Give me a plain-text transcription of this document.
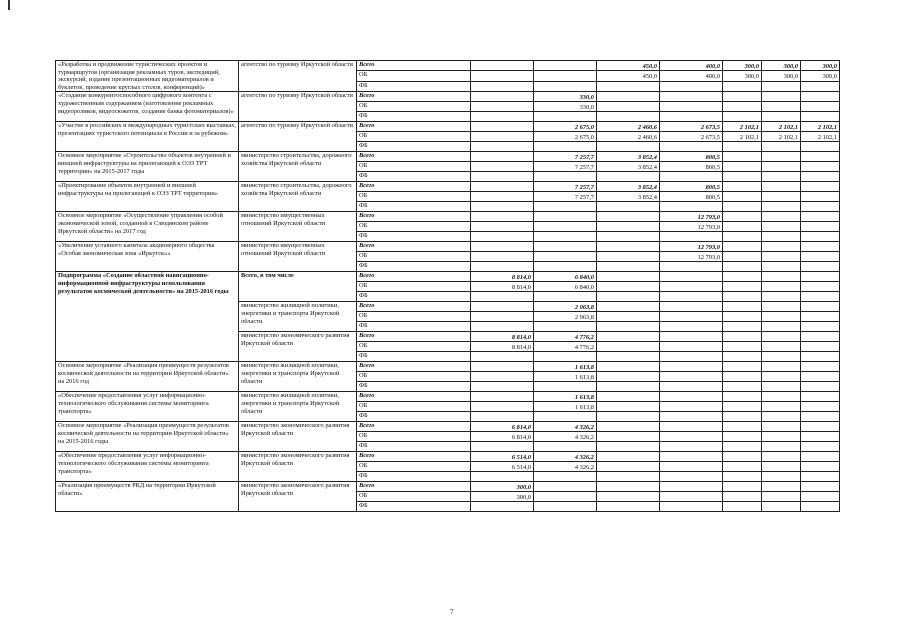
«Разработка и продвижение туристических проектов и турмаршрутов (организация рекламных туров, экспедиций, экскурсий, издание презентационных видеоматериалов и буклетов, проведение круглых столов, конференций)»	агентство по туризму Иркутской области	Всего			450,0	400,0	300,0	300,0	300,0
		ОБ			450,0	400,0	300,0	300,0	300,0
		ФБ							
«Создание конкурентоспособного цифрового контента с художественным содержанием (изготовление рекламных видеороликов, видеосюжетов, создание банка фотоматериалов)»	агентство по туризму Иркутской области	Всего		330,0					
		ОБ		330,0					
		ФБ							
«Участие в российских и международных туристских выставках, презентациях туристского потенциала в России и за рубежом»	агентство по туризму Иркутской области	Всего		2 675,0	2 460,6	2 673,5	2 102,1	2 102,1	2 102,1
		ОБ		2 675,0	2 460,6	2 673,5	2 102,1	2 102,1	2 102,1
		ФБ							
Основное мероприятие «Строительство объектов внутренней и внешней инфраструктуры на прилегающей к ОЭЗ ТРТ территории» на 2015-2017 годы	министерство строительства, дорожного хозяйства Иркутской области	Всего		7 257,7	3 852,4	800,5			
		ОБ		7 257,7	3 852,4	800,5			
		ФБ							
«Проектирование объектов внутренней и внешней инфраструктуры на прилегающей к ОЭЗ ТРТ территории»	министерство строительства, дорожного хозяйства Иркутской области	Всего		7 257,7	3 852,4	800,5			
		ОБ		7 257,7	3 852,4	800,5			
		ФБ							
Основное мероприятие «Осуществление управления особой экономической зоной, созданной в Слюдянском районе Иркутской области» на 2017 год	министерство имущественных отношений Иркутской области	Всего				12 793,0			
		ОБ				12 793,0			
		ФБ							
«Увеличение уставного капитала акционерного общества «Особая экономическая зона «Иркутск»»	министерство имущественных отношений Иркутской области	Всего				12 793,0			
		ОБ				12 793,0			
		ФБ							
Подпрограмма «Создание областной навигационно-информационной инфраструктуры использования результатов космической деятельности» на 2015-2016 годы	Всего, в том числе	Всего	8 814,0	6 840,0					
		ОБ	8 814,0	6 840,0					
		ФБ							
	министерство жилищной политики, энергетики и транспорта Иркутской области	Всего		2 063,8					
		ОБ		2 063,8					
		ФБ							
	министерство экономического развития Иркутской области	Всего	8 814,0	4 776,2					
		ОБ	8 814,0	4 776,2					
		ФБ							
Основное мероприятие «Реализация преимуществ результатов космической деятельности на территории Иркутской области» на 2016 год	министерство жилищной политики, энергетики и транспорта Иркутской области	Всего		1 613,8					
		ОБ		1 613,8					
		ФБ							
«Обеспечение предоставления услуг информационно-технологического обслуживания системы мониторинга транспорта»	министерство жилищной политики, энергетики и транспорта Иркутской области	Всего		1 613,8					
		ОБ		1 613,8					
		ФБ							
Основное мероприятие «Реализация преимуществ результатов космической деятельности на территории Иркутской области» на 2015-2016 годы	министерство экономического развития Иркутской области	Всего	6 814,0	4 326,2					
		ОБ	6 814,0	4 326,2					
		ФБ							
«Обеспечение предоставления услуг информационно-технологического обслуживания системы мониторинга транспорта»	министерство экономического развития Иркутской области	Всего	6 514,0	4 326,2					
		ОБ	6 514,0	4 326,2					
		ФБ							
«Реализация преимуществ РКД на территории Иркутской области»	министерство экономического развития Иркутской области	Всего	300,0						
		ОБ	300,0						
		ФБ							
7
